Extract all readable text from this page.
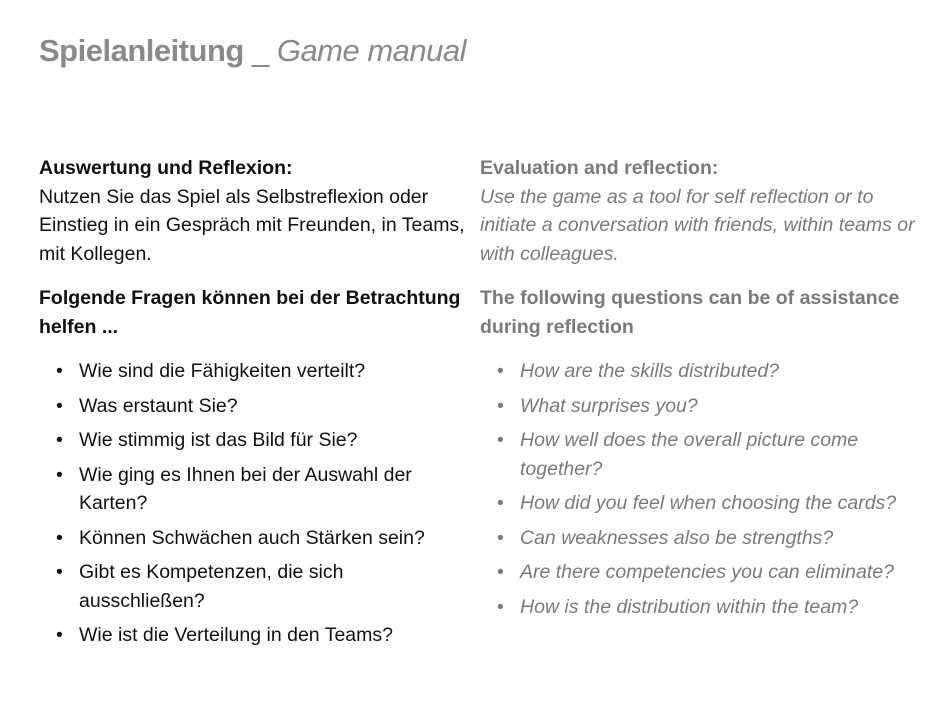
Spielanleitung _ Game manual
Auswertung und Reflexion:
Nutzen Sie das Spiel als Selbstreflexion oder Einstieg in ein Gespräch mit Freunden, in Teams, mit Kollegen.
Folgende Fragen können bei der Betrachtung helfen ...
• Wie sind die Fähigkeiten verteilt?
• Was erstaunt Sie?
• Wie stimmig ist das Bild für Sie?
• Wie ging es Ihnen bei der Auswahl der Karten?
• Können Schwächen auch Stärken sein?
• Gibt es Kompetenzen, die sich ausschließen?
• Wie ist die Verteilung in den Teams?
Evaluation and reflection:
Use the game as a tool for self reflection or to initiate a conversation with friends, within teams or with colleagues.
The following questions can be of assistance during reflection
• How are the skills distributed?
• What surprises you?
• How well does the overall picture come together?
• How did you feel when choosing the cards?
• Can weaknesses also be strengths?
• Are there competencies you can eliminate?
• How is the distribution within the team?
